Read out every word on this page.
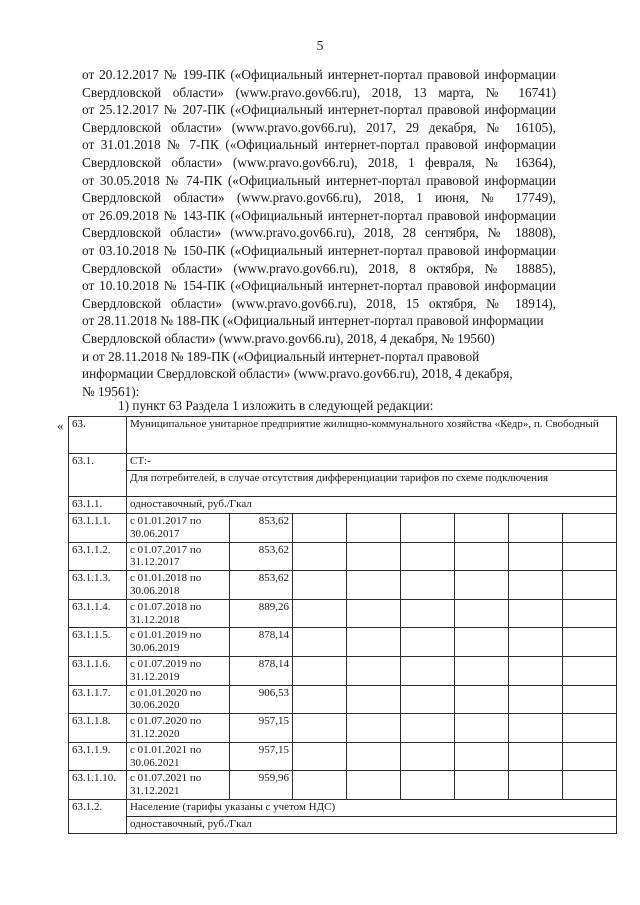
5

от 20.12.2017 № 199-ПК («Официальный интернет-портал правовой информации
Свердловской области» (www.pravo.gov66.ru), 2018, 13 марта, № 16741)

от 25.12.2017 № 207-ПК («Официальный интернет-портал правовой информации
Свердловской области» (www.pravo.gov66.ru), 2017, 29 декабря, № 16105),

от 31.01.2018 № 7-ПК («Официальный интернет-портал правовой информации
Свердловской области» (www.pravo.gov66.ru), 2018, 1 февраля, № 16364),

от 30.05.2018 № 74-ПК («Официальный интернет-портал правовой информации
Свердловской области» (www.pravo.gov66.ru), 2018, 1 июня, № 17749),

от 26.09.2018 № 143-ПК («Официальный интернет-портал правовой информации
Свердловской области» (www.pravo.gov66.ru), 2018, 28 сентября, № 18808),

от 03.10.2018 № 150-ПК («Официальный интернет-портал правовой информации
Свердловской области» (www.pravo.gov66.ru), 2018, 8 октября, № 18885),

от 10.10.2018 № 154-ПК («Официальный интернет-портал правовой информации
Свердловской области» (www.pravo.gov66.ru), 2018, 15 октября, № 18914),

от 28.11.2018 № 188-ПК («Официальный интернет-портал правовой информации
Свердловской области» (www.pravo.gov66.ru), 2018, 4 декабря, № 19560)
и от 28.11.2018 № 189-ПК («Официальный интернет-портал правовой
информации Свердловской области» (www.pravo.gov66.ru), 2018, 4 декабря,
№ 19561):

1) пункт 63 Раздела 1 изложить в следующей редакции:
« 63.	Муниципальное унитарное предприятие жилищно-коммунального хозяйства «Кедр», п. Свободный							
63.1.	СТ:-							
	Для потребителей, в случае отсутствия дифференциации тарифов по схеме подключения							
63.1.1.	одноставочный, руб./Гкал							
63.1.1.1.	с 01.01.2017 по 30.06.2017	853,62						
63.1.1.2.	с 01.07.2017 по 31.12.2017	853,62						
63.1.1.3.	с 01.01.2018 по 30.06.2018	853,62						
63.1.1.4.	с 01.07.2018 по 31.12.2018	889,26						
63.1.1.5.	с 01.01.2019 по 30.06.2019	878,14						
63.1.1.6.	с 01.07.2019 по 31.12.2019	878,14						
63.1.1.7.	с 01.01.2020 по 30.06.2020	906,53						
63.1.1.8.	с 01.07.2020 по 31.12.2020	957,15						
63.1.1.9.	с 01.01.2021 по 30.06.2021	957,15						
63.1.1.10.	с 01.07.2021 по 31.12.2021	959,96						
63.1.2.	Население (тарифы указаны с учетом НДС)							
	одноставочный, руб./Гкал							
